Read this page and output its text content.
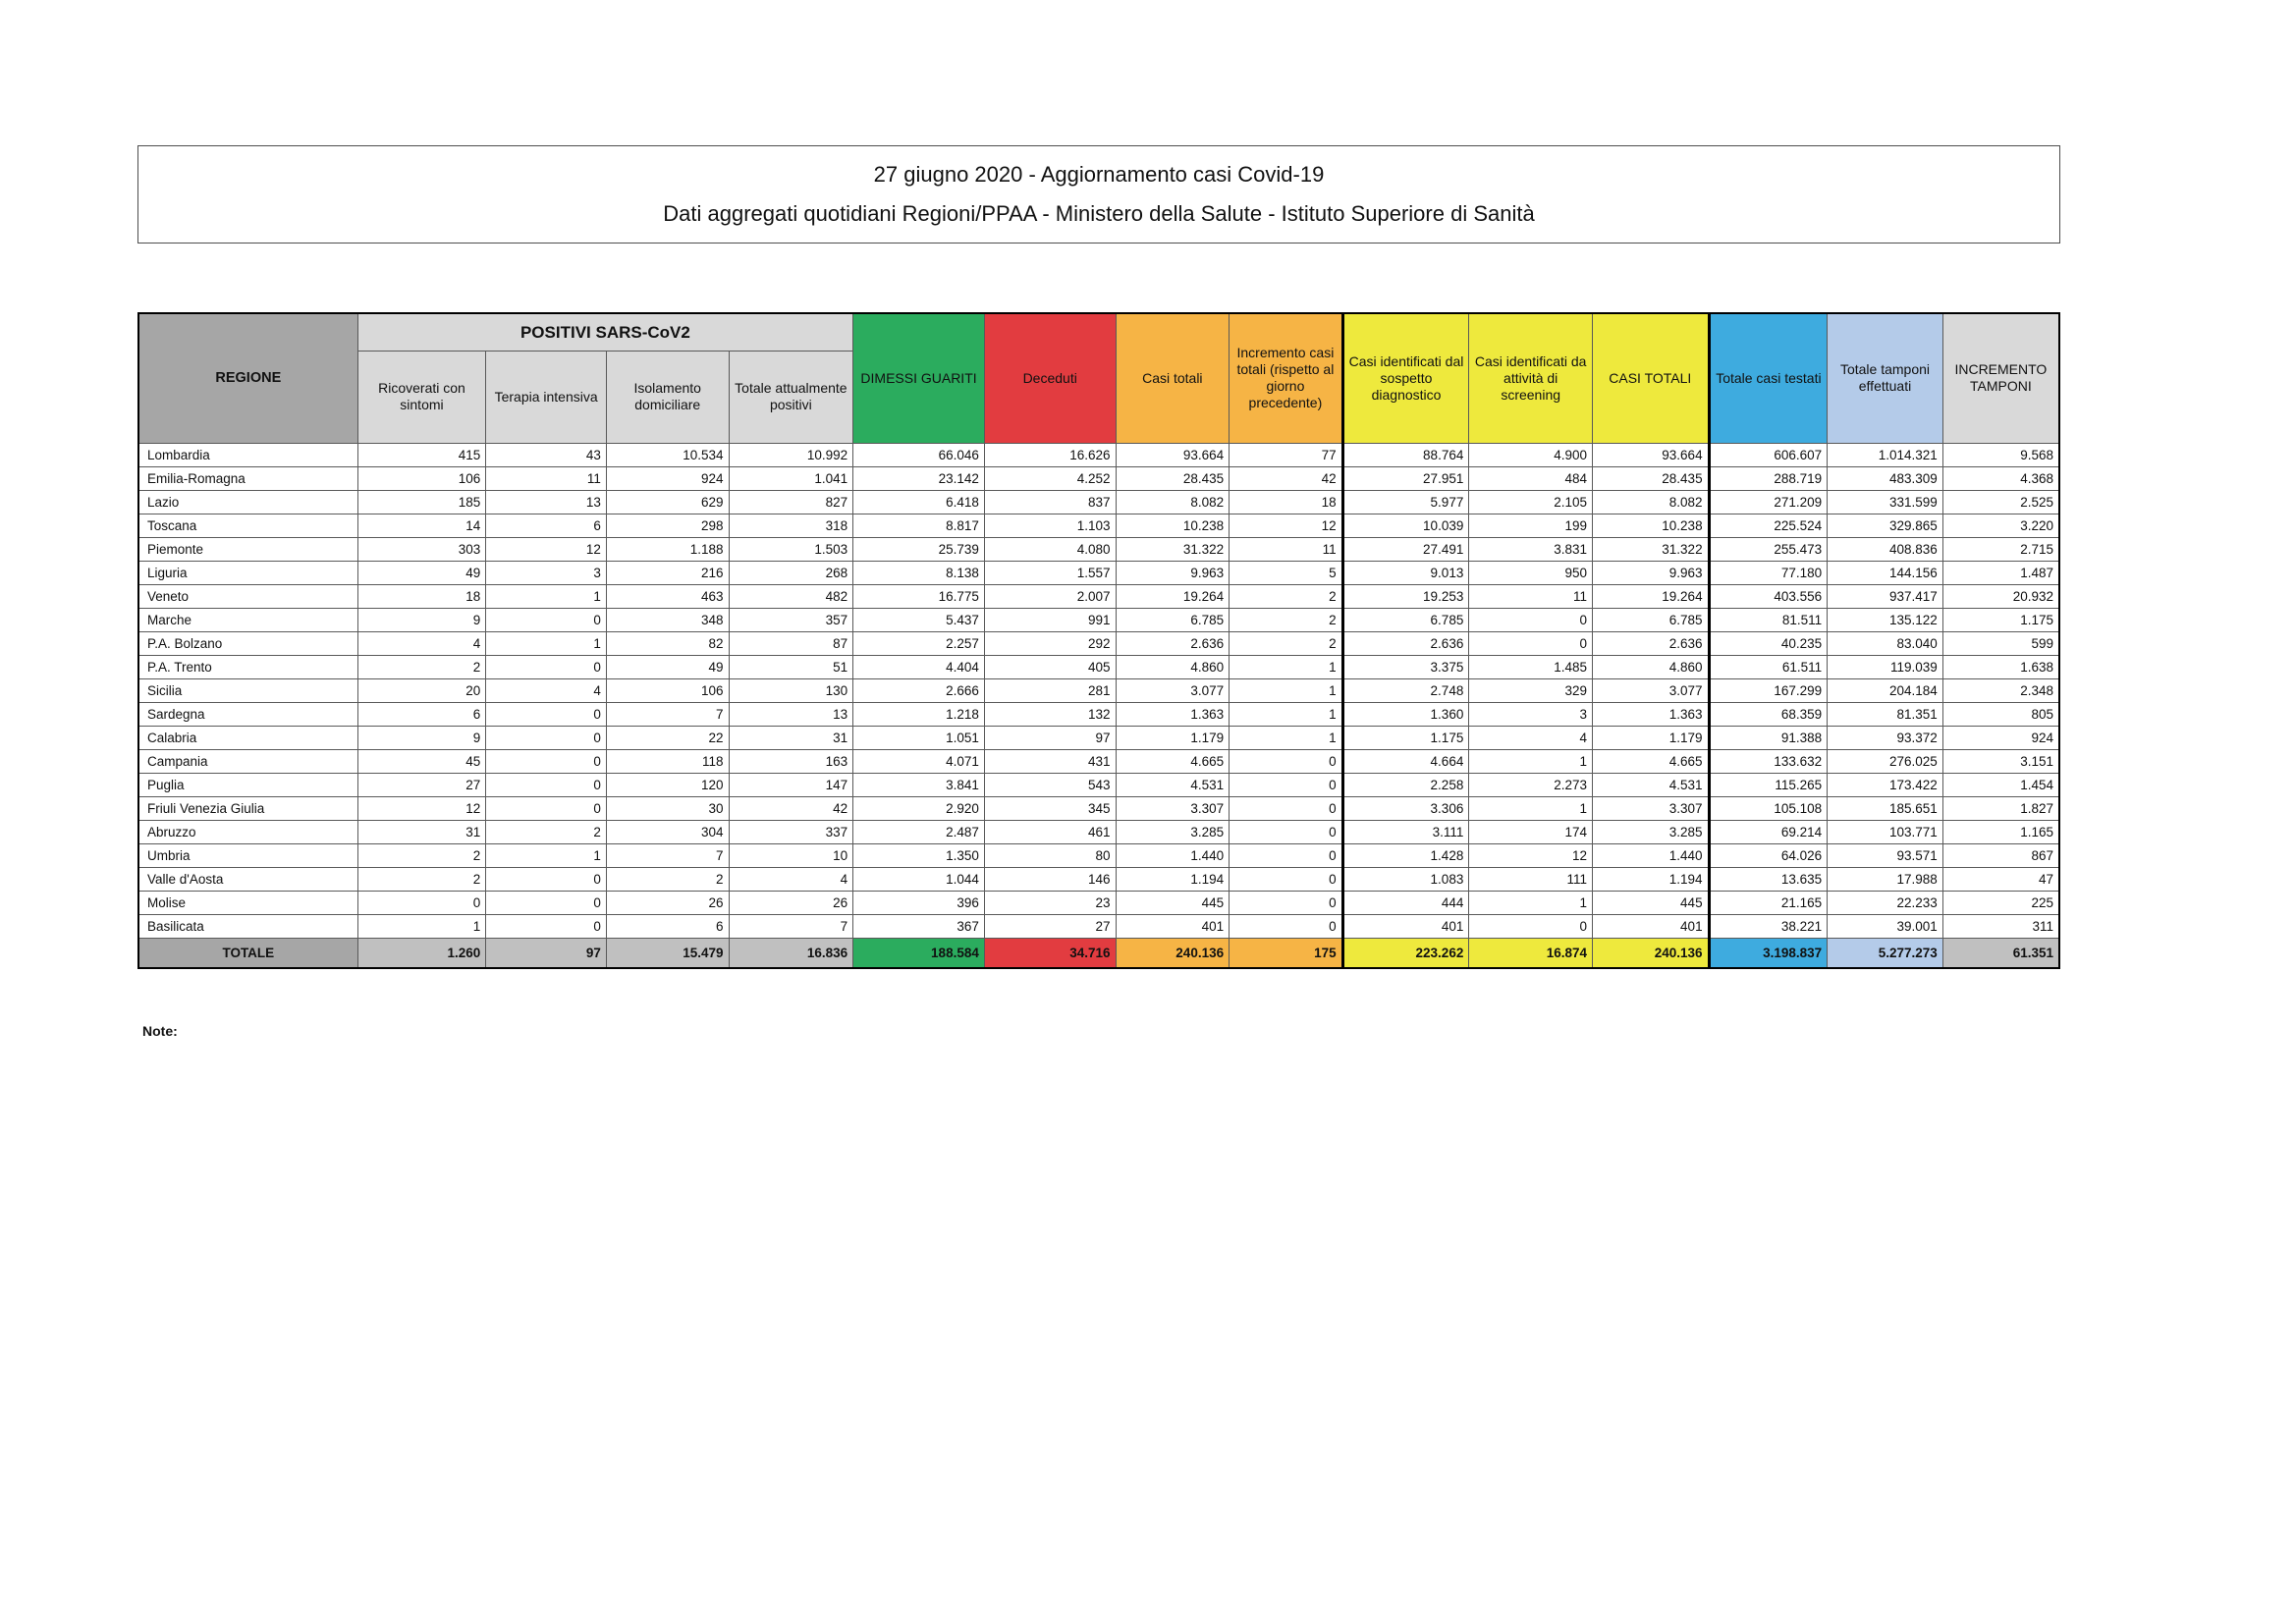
27 giugno 2020 - Aggiornamento casi Covid-19
Dati aggregati quotidiani Regioni/PPAA - Ministero della Salute - Istituto Superiore di Sanità
REGIONE	POSITIVI SARS-CoV2				DIMESSI GUARITI	Deceduti	Casi totali	Incremento casi totali (rispetto al giorno precedente)	Casi identificati dal sospetto diagnostico	Casi identificati da attività di screening	CASI TOTALI	Totale casi testati	Totale tamponi effettuati	INCREMENTO TAMPONI
	Ricoverati con sintomi	Terapia intensiva	Isolamento domiciliare	Totale attualmente positivi										
Lombardia	415	43	10.534	10.992	66.046	16.626	93.664	77	88.764	4.900	93.664	606.607	1.014.321	9.568
Emilia-Romagna	106	11	924	1.041	23.142	4.252	28.435	42	27.951	484	28.435	288.719	483.309	4.368
Lazio	185	13	629	827	6.418	837	8.082	18	5.977	2.105	8.082	271.209	331.599	2.525
Toscana	14	6	298	318	8.817	1.103	10.238	12	10.039	199	10.238	225.524	329.865	3.220
Piemonte	303	12	1.188	1.503	25.739	4.080	31.322	11	27.491	3.831	31.322	255.473	408.836	2.715
Liguria	49	3	216	268	8.138	1.557	9.963	5	9.013	950	9.963	77.180	144.156	1.487
Veneto	18	1	463	482	16.775	2.007	19.264	2	19.253	11	19.264	403.556	937.417	20.932
Marche	9	0	348	357	5.437	991	6.785	2	6.785	0	6.785	81.511	135.122	1.175
P.A. Bolzano	4	1	82	87	2.257	292	2.636	2	2.636	0	2.636	40.235	83.040	599
P.A. Trento	2	0	49	51	4.404	405	4.860	1	3.375	1.485	4.860	61.511	119.039	1.638
Sicilia	20	4	106	130	2.666	281	3.077	1	2.748	329	3.077	167.299	204.184	2.348
Sardegna	6	0	7	13	1.218	132	1.363	1	1.360	3	1.363	68.359	81.351	805
Calabria	9	0	22	31	1.051	97	1.179	1	1.175	4	1.179	91.388	93.372	924
Campania	45	0	118	163	4.071	431	4.665	0	4.664	1	4.665	133.632	276.025	3.151
Puglia	27	0	120	147	3.841	543	4.531	0	2.258	2.273	4.531	115.265	173.422	1.454
Friuli Venezia Giulia	12	0	30	42	2.920	345	3.307	0	3.306	1	3.307	105.108	185.651	1.827
Abruzzo	31	2	304	337	2.487	461	3.285	0	3.111	174	3.285	69.214	103.771	1.165
Umbria	2	1	7	10	1.350	80	1.440	0	1.428	12	1.440	64.026	93.571	867
Valle d'Aosta	2	0	2	4	1.044	146	1.194	0	1.083	111	1.194	13.635	17.988	47
Molise	0	0	26	26	396	23	445	0	444	1	445	21.165	22.233	225
Basilicata	1	0	6	7	367	27	401	0	401	0	401	38.221	39.001	311
TOTALE	1.260	97	15.479	16.836	188.584	34.716	240.136	175	223.262	16.874	240.136	3.198.837	5.277.273	61.351
Note:
